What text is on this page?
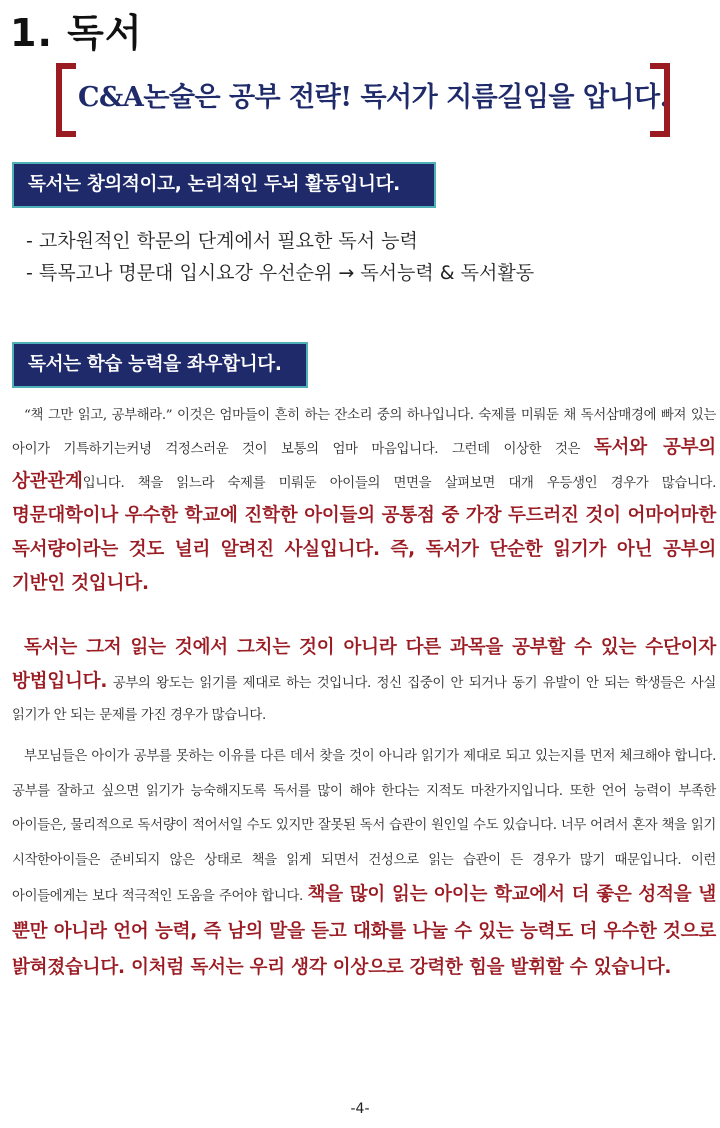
1. 독서
C&A논술은 공부 전략! 독서가 지름길임을 압니다.
독서는 창의적이고, 논리적인 두뇌 활동입니다.
- 고차원적인 학문의 단계에서 필요한 독서 능력
- 특목고나 명문대 입시요강 우선순위 → 독서능력 & 독서활동
독서는 학습 능력을 좌우합니다.

“책 그만 읽고, 공부해라.” 이것은 엄마들이 흔히 하는 잔소리 중의 하나입니다. 숙제를 미뤄둔 채 독서삼매경에 빠져 있는 아이가 기특하기는커녕 걱정스러운 것이 보통의 엄마 마음입니다. 그런데 이상한 것은 독서와 공부의 상관관계입니다. 책을 읽느라 숙제를 미뤄둔 아이들의 면면을 살펴보면 대개 우등생인 경우가 많습니다. 명문대학이나 우수한 학교에 진학한 아이들의 공통점 중 가장 두드러진 것이 어마어마한 독서량이라는 것도 널리 알려진 사실입니다. 즉, 독서가 단순한 읽기가 아닌 공부의 기반인 것입니다.

독서는 그저 읽는 것에서 그치는 것이 아니라 다른 과목을 공부할 수 있는 수단이자 방법입니다. 공부의 왕도는 읽기를 제대로 하는 것입니다. 정신 집중이 안 되거나 동기 유발이 안 되는 학생들은 사실 읽기가 안 되는 문제를 가진 경우가 많습니다.

부모님들은 아이가 공부를 못하는 이유를 다른 데서 찾을 것이 아니라 읽기가 제대로 되고 있는지를 먼저 체크해야 합니다. 공부를 잘하고 싶으면 읽기가 능숙해지도록 독서를 많이 해야 한다는 지적도 마찬가지입니다. 또한 언어 능력이 부족한 아이들은, 물리적으로 독서량이 적어서일 수도 있지만 잘못된 독서 습관이 원인일 수도 있습니다. 너무 어려서 혼자 책을 읽기 시작한아이들은 준비되지 않은 상태로 책을 읽게 되면서 건성으로 읽는 습관이 든 경우가 많기 때문입니다. 이런 아이들에게는 보다 적극적인 도움을 주어야 합니다. 책을 많이 읽는 아이는 학교에서 더 좋은 성적을 낼 뿐만 아니라 언어 능력, 즉 남의 말을 듣고 대화를 나눌 수 있는 능력도 더 우수한 것으로 밝혀졌습니다. 이처럼 독서는 우리 생각 이상으로 강력한 힘을 발휘할 수 있습니다.

-4-
